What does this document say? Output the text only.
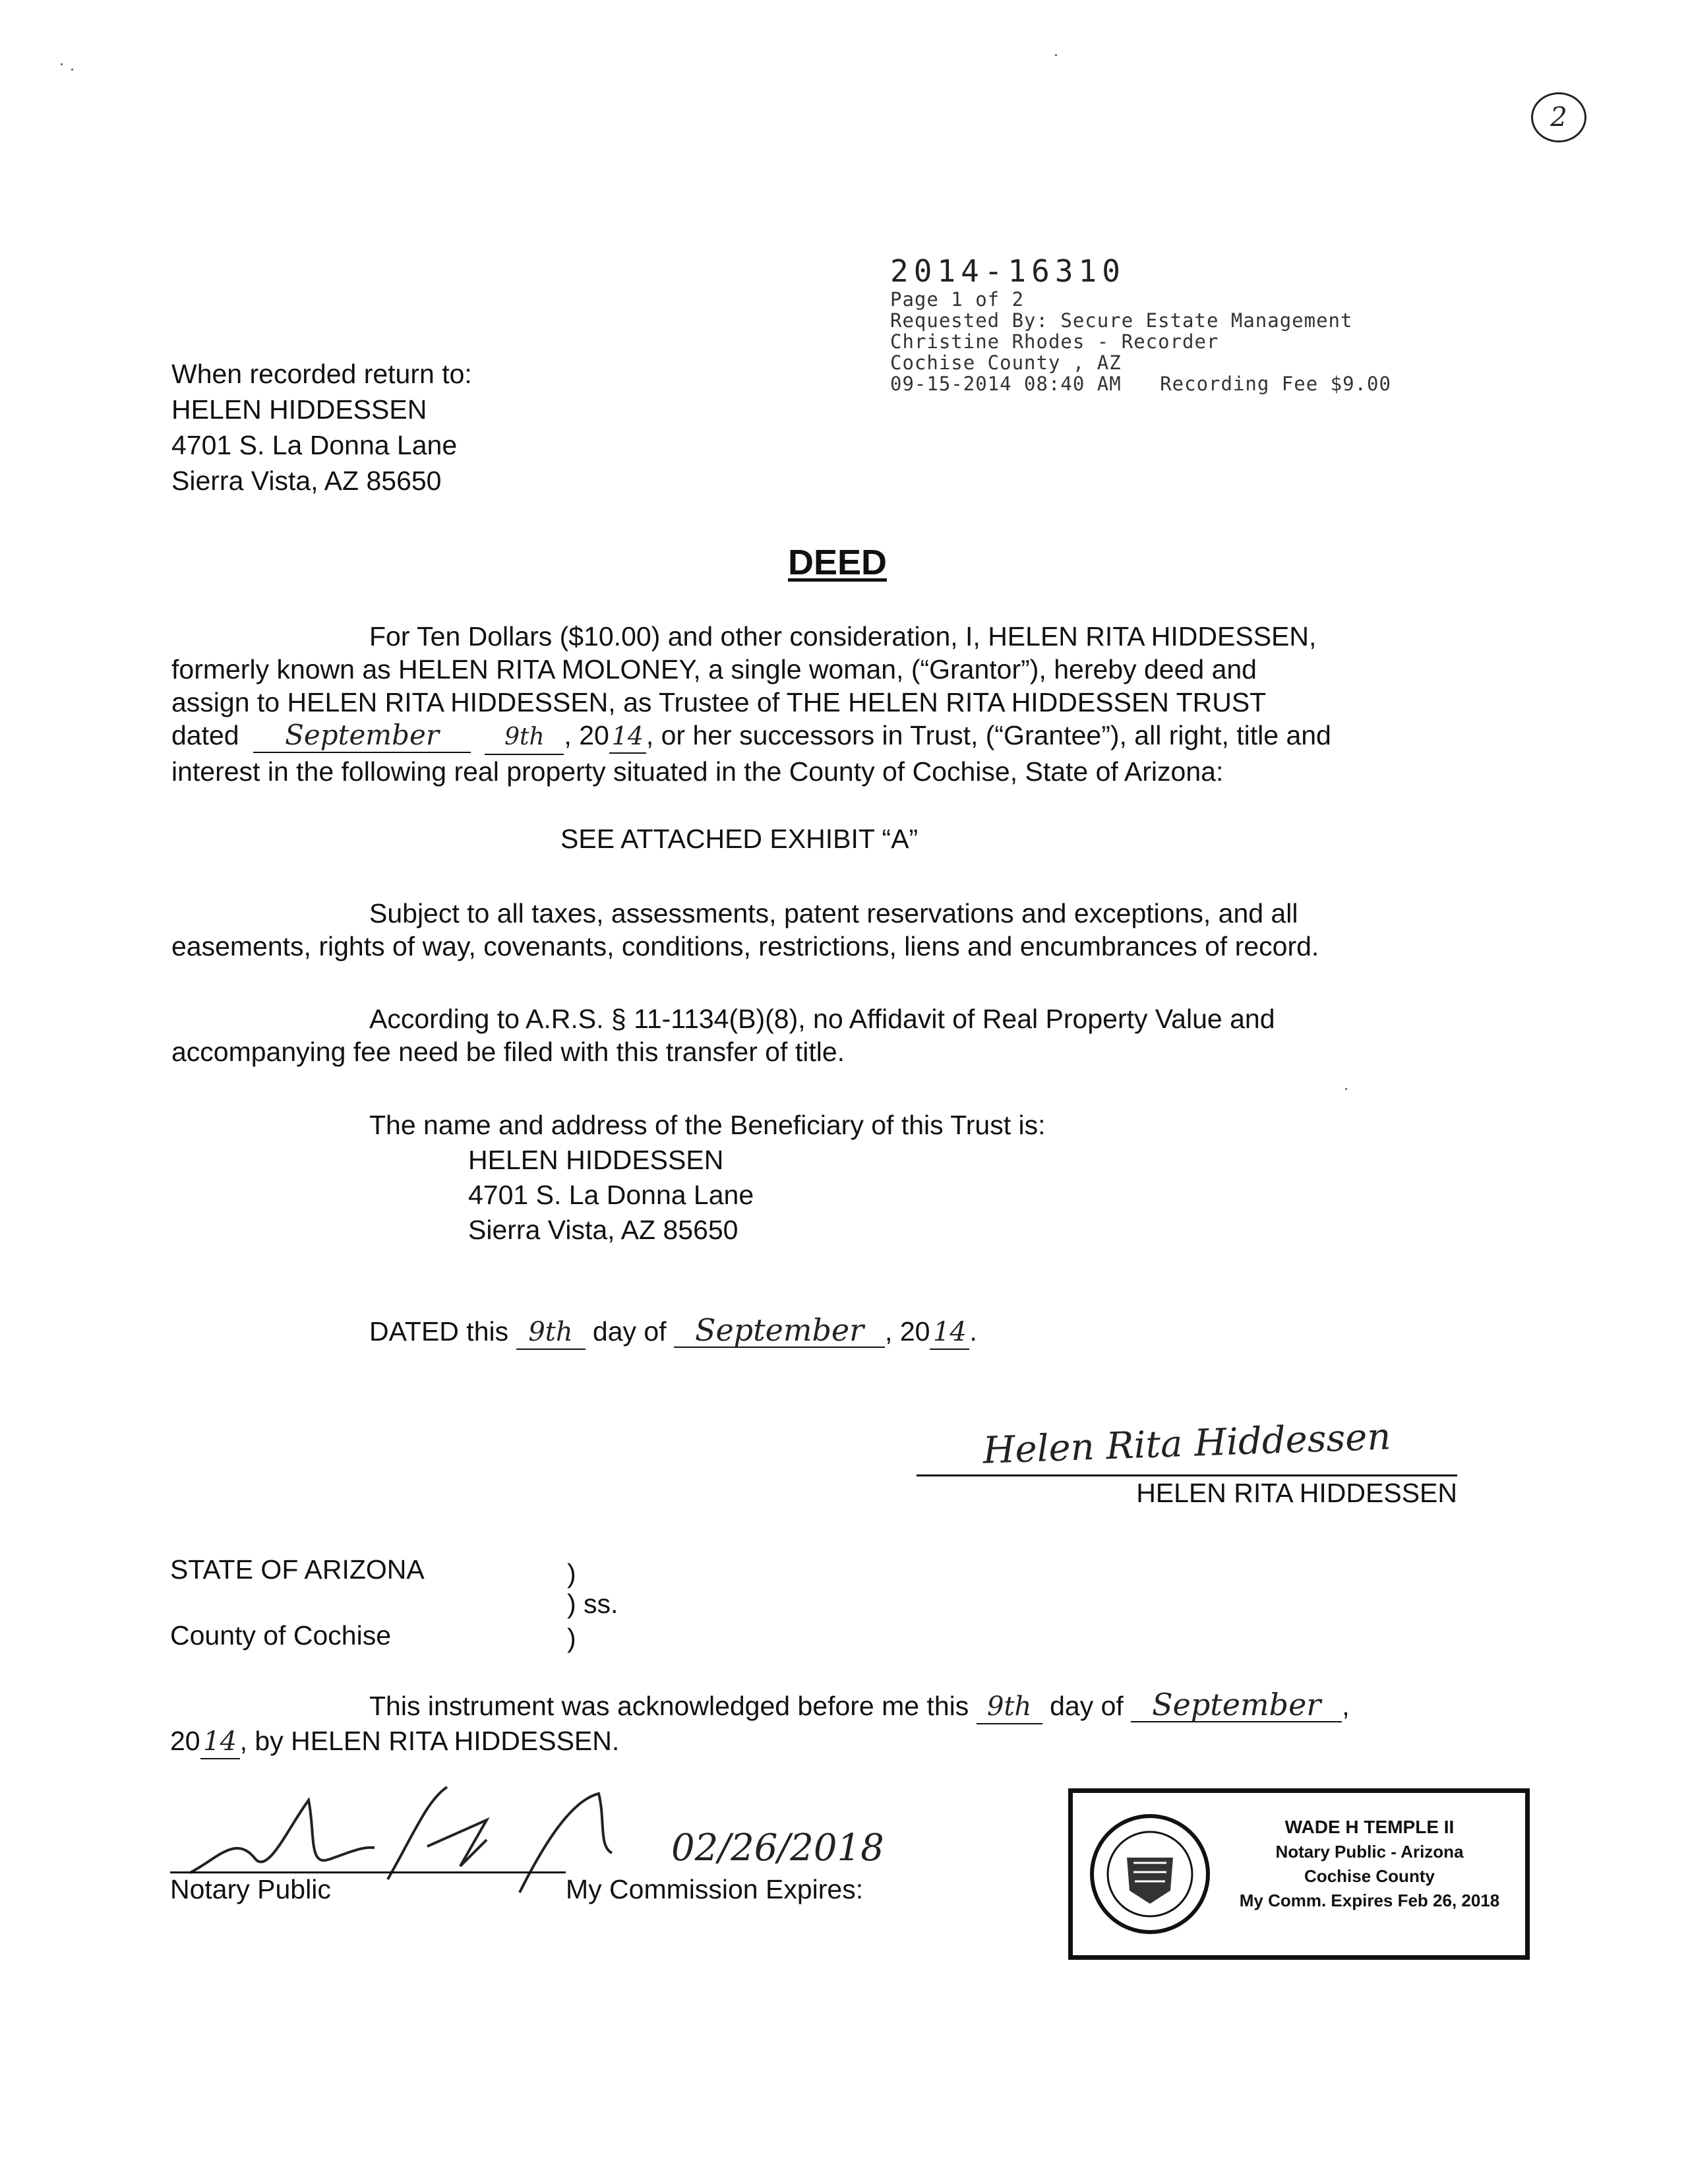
2
2014-16310
Page 1 of 2
Requested By: Secure Estate Management
Christine Rhodes - Recorder
Cochise County , AZ
09-15-2014 08:40 AM Recording Fee $9.00
When recorded return to:
HELEN HIDDESSEN
4701 S. La Donna Lane
Sierra Vista, AZ 85650
DEED
For Ten Dollars ($10.00) and other consideration, I, HELEN RITA HIDDESSEN,
formerly known as HELEN RITA MOLONEY, a single woman, (“Grantor”), hereby deed and
assign to HELEN RITA HIDDESSEN, as Trustee of THE HELEN RITA HIDDESSEN TRUST
dated September	9th , 20 14, or her successors in Trust, (“Grantee”), all right, title and
interest in the following real property situated in the County of Cochise, State of Arizona:
SEE ATTACHED EXHIBIT “A”
Subject to all taxes, assessments, patent reservations and exceptions, and all
easements, rights of way, covenants, conditions, restrictions, liens and encumbrances of record.
According to A.R.S. § 11-1134(B)(8), no Affidavit of Real Property Value and
accompanying fee need be filed with this transfer of title.
The name and address of the Beneficiary of this Trust is:
HELEN HIDDESSEN
4701 S. La Donna Lane
Sierra Vista, AZ 85650
DATED this 9th day of September , 20 14 .
Helen Rita Hiddessen
HELEN RITA HIDDESSEN
STATE OF ARIZONA	)
) ss.
County of Cochise	)
This instrument was acknowledged before me this 9th day of September ,
20 14 , by HELEN RITA HIDDESSEN.
Notary Public
02/26/2018
My Commission Expires:
WADE H TEMPLE II
Notary Public - Arizona
Cochise County
My Comm. Expires Feb 26, 2018
